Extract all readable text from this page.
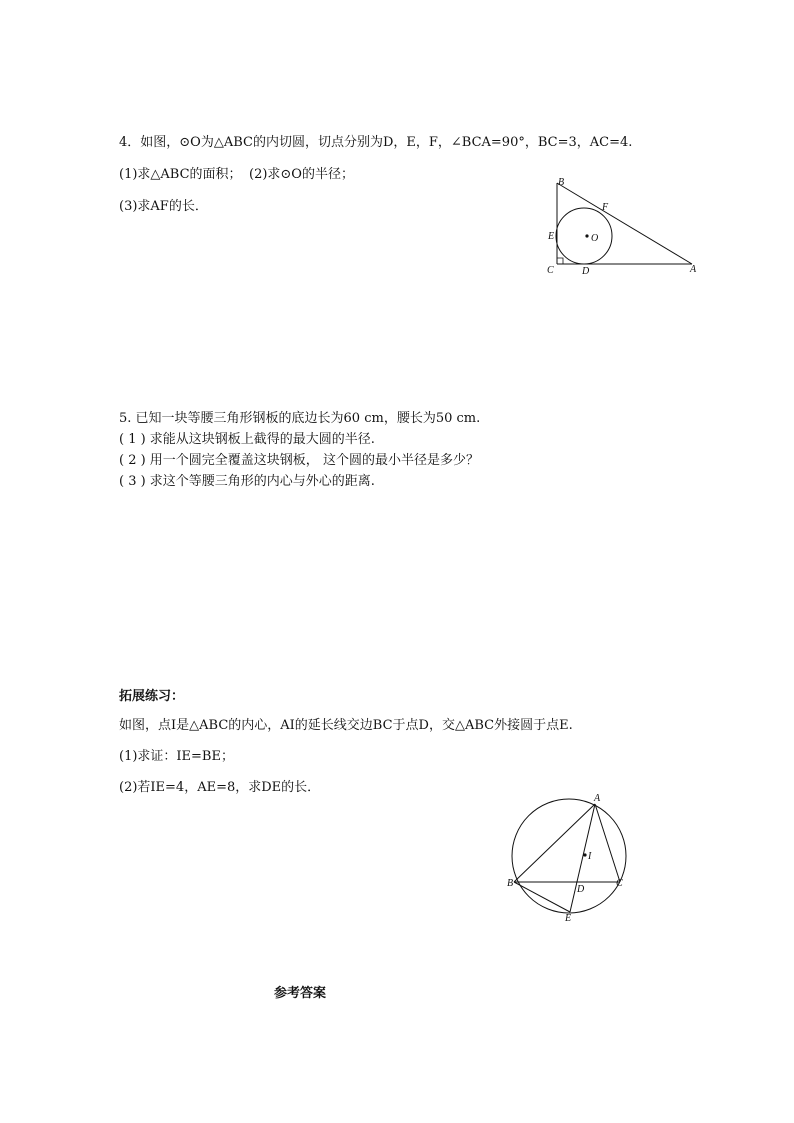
4．如图，⊙O为△ABC的内切圆，切点分别为D，E，F，∠BCA=90°，BC=3，AC=4.
(1)求△ABC的面积； (2)求⊙O的半径；
(3)求AF的长．
B
F
E	O
C	D	A
5. 已知一块等腰三角形钢板的底边长为60 cm，腰长为50 cm.
( 1 ) 求能从这块钢板上截得的最大圆的半径.
( 2 ) 用一个圆完全覆盖这块钢板， 这个圆的最小半径是多少？
( 3 ) 求这个等腰三角形的内心与外心的距离.
拓展练习：
如图，点I是△ABC的内心，AI的延长线交边BC于点D，交△ABC外接圆于点E.
(1)求证：IE=BE；
(2)若IE=4，AE=8，求DE的长．
A
I
B	C
D
E
参考答案
